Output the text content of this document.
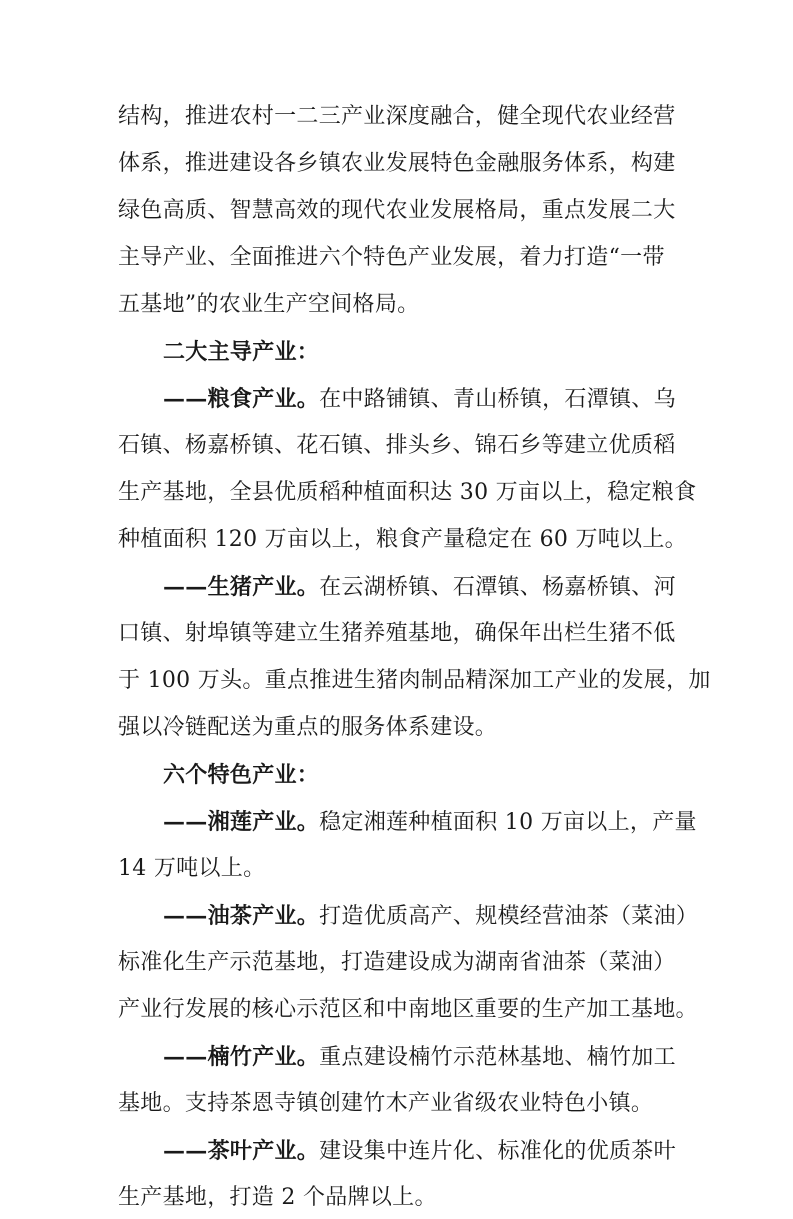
结构，推进农村一二三产业深度融合，健全现代农业经营
体系，推进建设各乡镇农业发展特色金融服务体系，构建
绿色高质、智慧高效的现代农业发展格局，重点发展二大
主导产业、全面推进六个特色产业发展，着力打造“一带
五基地”的农业生产空间格局。
二大主导产业：
——粮食产业。在中路铺镇、青山桥镇，石潭镇、乌
石镇、杨嘉桥镇、花石镇、排头乡、锦石乡等建立优质稻
生产基地，全县优质稻种植面积达 30 万亩以上，稳定粮食
种植面积 120 万亩以上，粮食产量稳定在 60 万吨以上。
——生猪产业。在云湖桥镇、石潭镇、杨嘉桥镇、河
口镇、射埠镇等建立生猪养殖基地，确保年出栏生猪不低
于 100 万头。重点推进生猪肉制品精深加工产业的发展，加
强以冷链配送为重点的服务体系建设。
六个特色产业：
——湘莲产业。稳定湘莲种植面积 10 万亩以上，产量
14 万吨以上。
——油茶产业。打造优质高产、规模经营油茶（菜油）
标准化生产示范基地，打造建设成为湖南省油茶（菜油）
产业行发展的核心示范区和中南地区重要的生产加工基地。
——楠竹产业。重点建设楠竹示范林基地、楠竹加工
基地。支持茶恩寺镇创建竹木产业省级农业特色小镇。
——茶叶产业。建设集中连片化、标准化的优质茶叶
生产基地，打造 2 个品牌以上。
